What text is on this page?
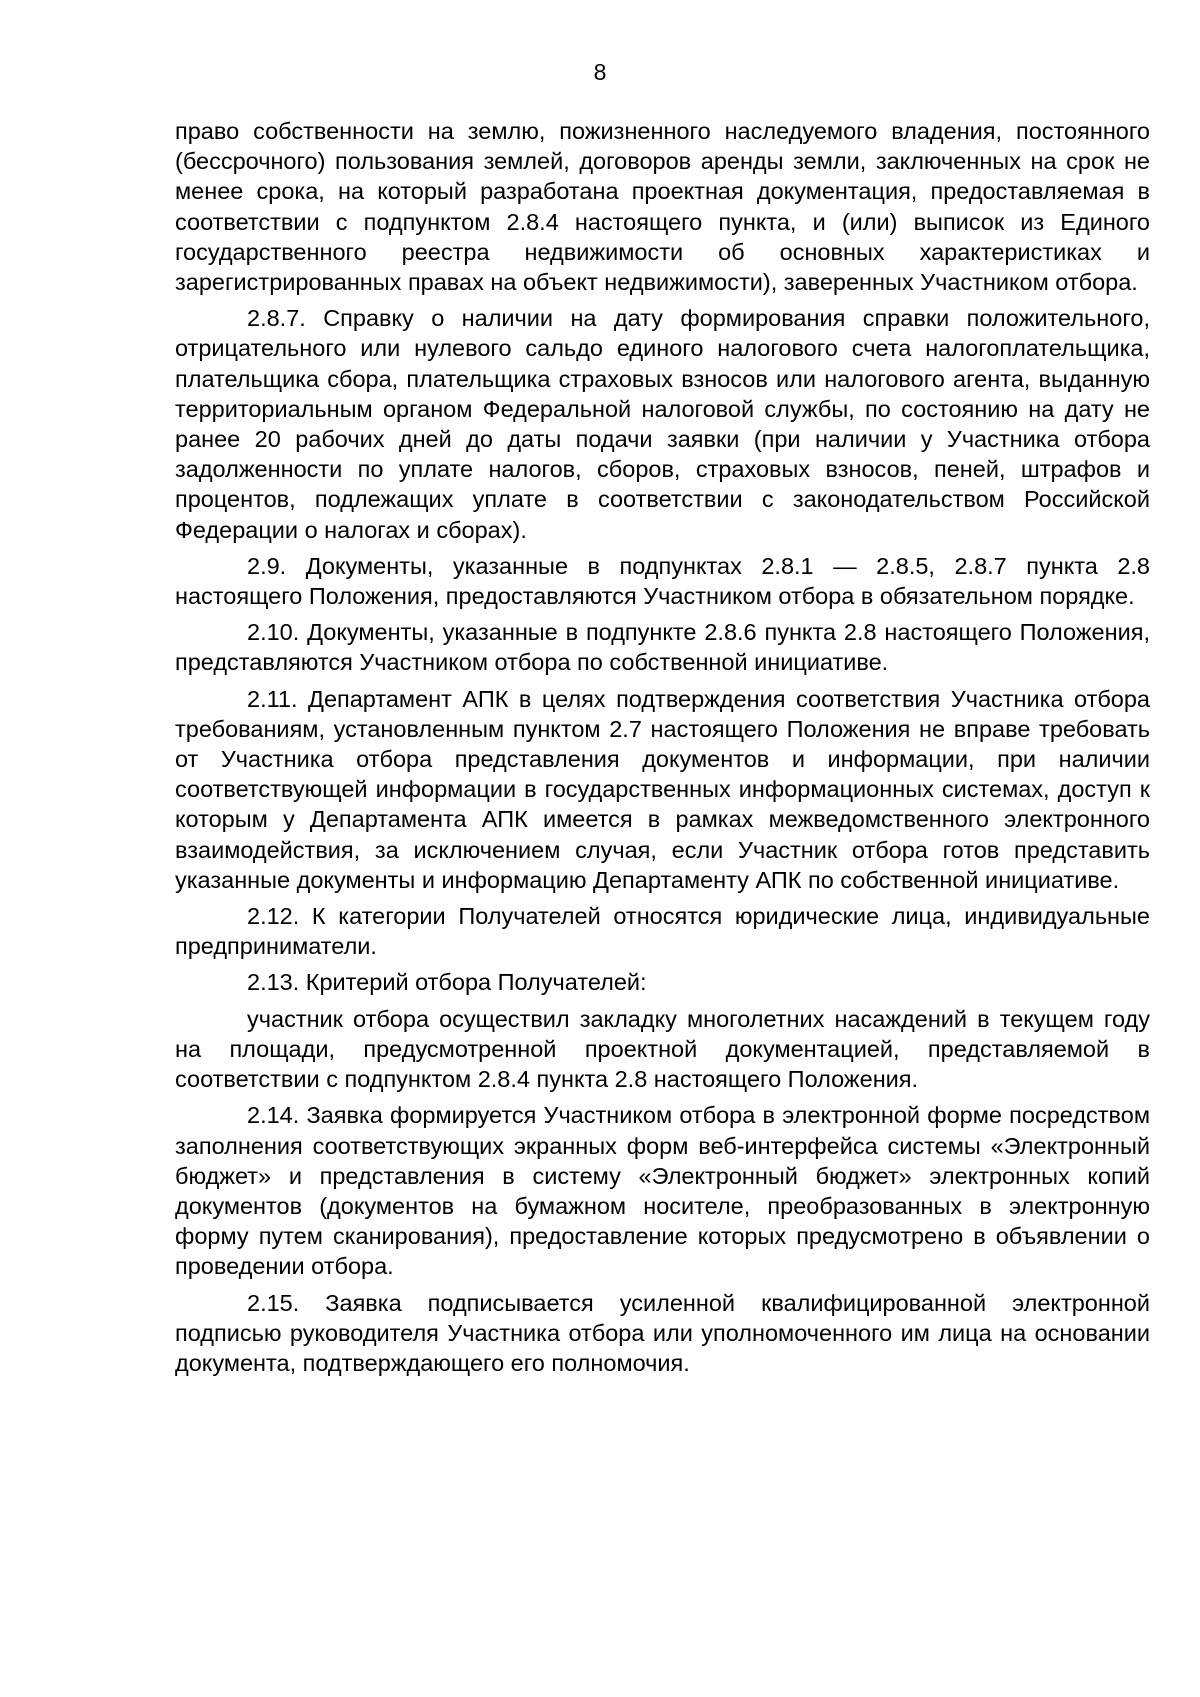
8

право собственности на землю, пожизненного наследуемого владения, постоянного (бессрочного) пользования землей, договоров аренды земли, заключенных на срок не менее срока, на который разработана проектная документация, предоставляемая в соответствии с подпунктом 2.8.4 настоящего пункта, и (или) выписок из Единого государственного реестра недвижимости об основных характеристиках и зарегистрированных правах на объект недвижимости), заверенных Участником отбора.

2.8.7. Справку о наличии на дату формирования справки положительного, отрицательного или нулевого сальдо единого налогового счета налогоплательщика, плательщика сбора, плательщика страховых взносов или налогового агента, выданную территориальным органом Федеральной налоговой службы, по состоянию на дату не ранее 20 рабочих дней до даты подачи заявки (при наличии у Участника отбора задолженности по уплате налогов, сборов, страховых взносов, пеней, штрафов и процентов, подлежащих уплате в соответствии с законодательством Российской Федерации о налогах и сборах).

2.9. Документы, указанные в подпунктах 2.8.1 — 2.8.5, 2.8.7 пункта 2.8 настоящего Положения, предоставляются Участником отбора в обязательном порядке.

2.10. Документы, указанные в подпункте 2.8.6 пункта 2.8 настоящего Положения, представляются Участником отбора по собственной инициативе.

2.11. Департамент АПК в целях подтверждения соответствия Участника отбора требованиям, установленным пунктом 2.7 настоящего Положения не вправе требовать от Участника отбора представления документов и информации, при наличии соответствующей информации в государственных информационных системах, доступ к которым у Департамента АПК имеется в рамках межведомственного электронного взаимодействия, за исключением случая, если Участник отбора готов представить указанные документы и информацию Департаменту АПК по собственной инициативе.

2.12. К категории Получателей относятся юридические лица, индивидуальные предприниматели.

2.13. Критерий отбора Получателей:

участник отбора осуществил закладку многолетних насаждений в текущем году на площади, предусмотренной проектной документацией, представляемой в соответствии с подпунктом 2.8.4 пункта 2.8 настоящего Положения.

2.14. Заявка формируется Участником отбора в электронной форме посредством заполнения соответствующих экранных форм веб-интерфейса системы «Электронный бюджет» и представления в систему «Электронный бюджет» электронных копий документов (документов на бумажном носителе, преобразованных в электронную форму путем сканирования), предоставление которых предусмотрено в объявлении о проведении отбора.

2.15. Заявка подписывается усиленной квалифицированной электронной подписью руководителя Участника отбора или уполномоченного им лица на основании документа, подтверждающего его полномочия.
